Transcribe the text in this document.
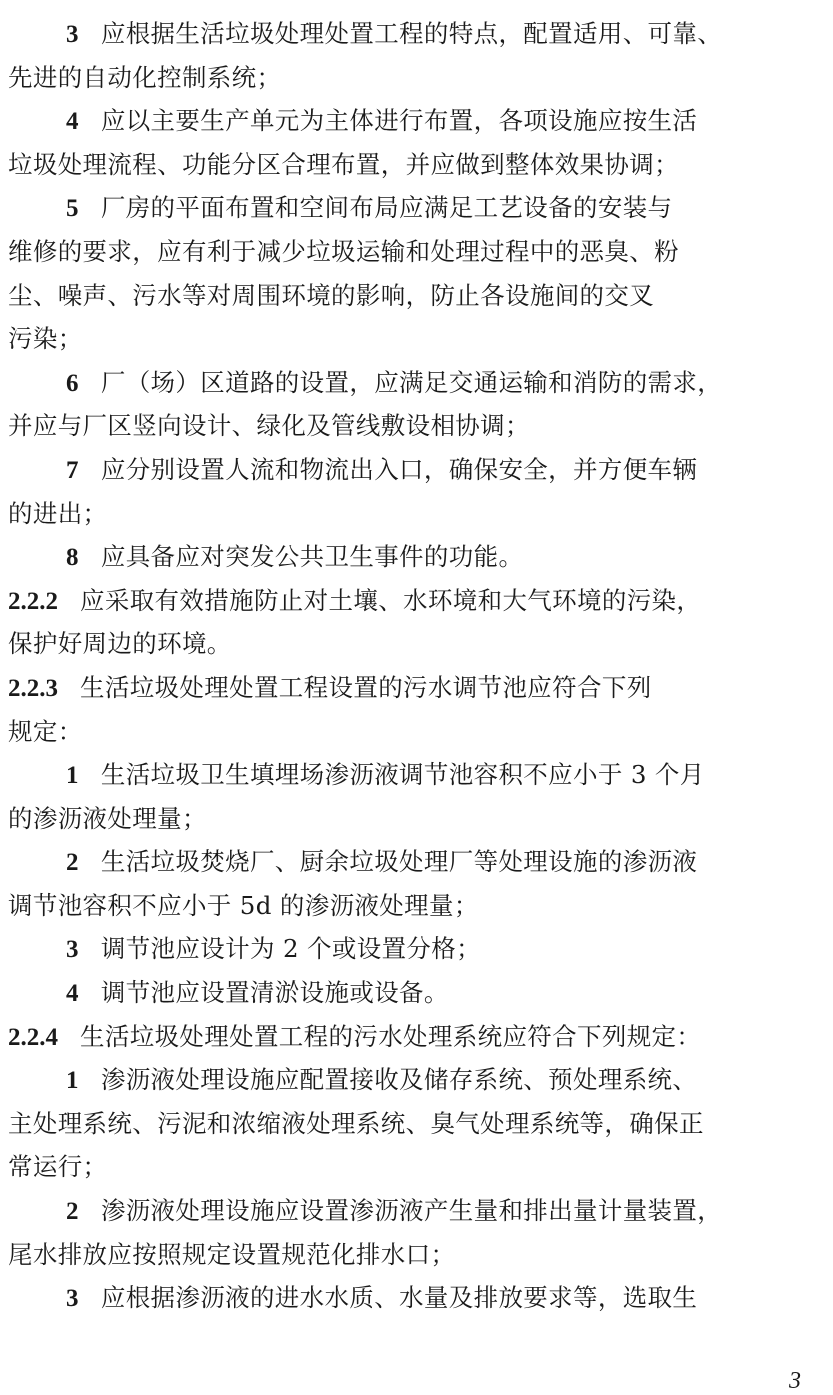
3 应根据生活垃圾处理处置工程的特点，配置适用、可靠、
先进的自动化控制系统；
4 应以主要生产单元为主体进行布置，各项设施应按生活
垃圾处理流程、功能分区合理布置，并应做到整体效果协调；
5 厂房的平面布置和空间布局应满足工艺设备的安装与
维修的要求，应有利于减少垃圾运输和处理过程中的恶臭、粉
尘、噪声、污水等对周围环境的影响，防止各设施间的交叉
污染；
6 厂（场）区道路的设置，应满足交通运输和消防的需求，
并应与厂区竖向设计、绿化及管线敷设相协调；
7 应分别设置人流和物流出入口，确保安全，并方便车辆
的进出；
8 应具备应对突发公共卫生事件的功能。
2.2.2 应采取有效措施防止对土壤、水环境和大气环境的污染，
保护好周边的环境。
2.2.3 生活垃圾处理处置工程设置的污水调节池应符合下列
规定：
1 生活垃圾卫生填埋场渗沥液调节池容积不应小于 3 个月
的渗沥液处理量；
2 生活垃圾焚烧厂、厨余垃圾处理厂等处理设施的渗沥液
调节池容积不应小于 5d 的渗沥液处理量；
3 调节池应设计为 2 个或设置分格；
4 调节池应设置清淤设施或设备。
2.2.4 生活垃圾处理处置工程的污水处理系统应符合下列规定：
1 渗沥液处理设施应配置接收及储存系统、预处理系统、
主处理系统、污泥和浓缩液处理系统、臭气处理系统等，确保正
常运行；
2 渗沥液处理设施应设置渗沥液产生量和排出量计量装置，
尾水排放应按照规定设置规范化排水口；
3 应根据渗沥液的进水水质、水量及排放要求等，选取生
3
